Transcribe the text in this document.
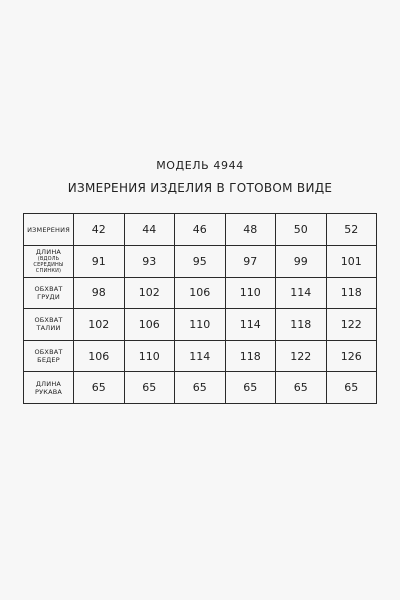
МОДЕЛЬ 4944
ИЗМЕРЕНИЯ ИЗДЕЛИЯ В ГОТОВОМ ВИДЕ
ИЗМЕРЕНИЯ	42	44	46	48	50	52

ДЛИНА
(ВДОЛЬ СЕРЕДИНЫ
СПИНКИ)	91	93	95	97	99	101

ОБХВАТ
ГРУДИ	98	102	106	110	114	118

ОБХВАТ
ТАЛИИ	102	106	110	114	118	122

ОБХВАТ
БЕДЕР	106	110	114	118	122	126

ДЛИНА
РУКАВА	65	65	65	65	65	65
